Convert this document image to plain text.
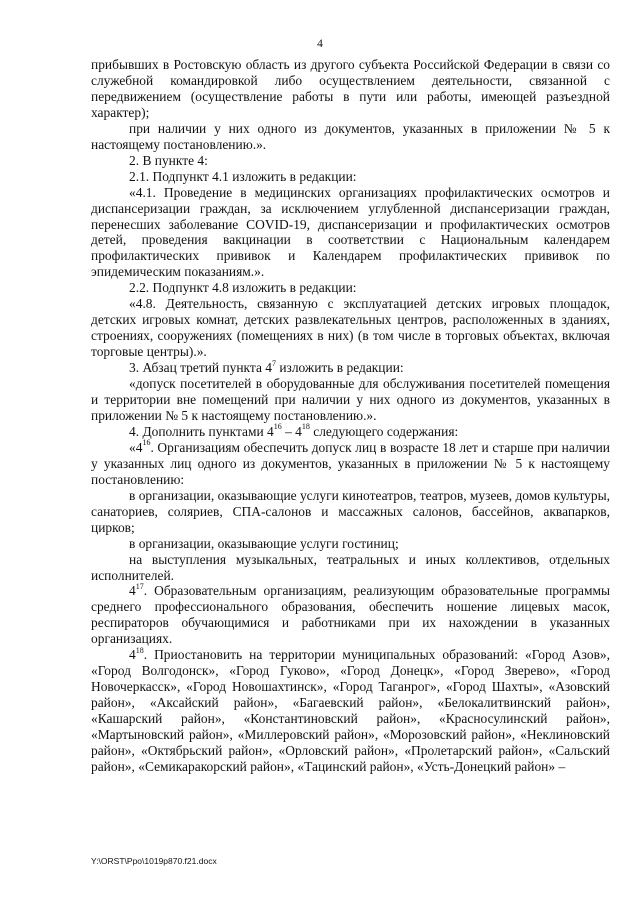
4

прибывших в Ростовскую область из другого субъекта Российской Федерации в связи со служебной командировкой либо осуществлением деятельности, связанной с передвижением (осуществление работы в пути или работы, имеющей разъездной характер);

при наличии у них одного из документов, указанных в приложении № 5 к настоящему постановлению.».

2. В пункте 4:

2.1. Подпункт 4.1 изложить в редакции:

«4.1. Проведение в медицинских организациях профилактических осмотров и диспансеризации граждан, за исключением углубленной диспансеризации граждан, перенесших заболевание COVID-19, диспансеризации и профилактических осмотров детей, проведения вакцинации в соответствии с Национальным календарем профилактических прививок и Календарем профилактических прививок по эпидемическим показаниям.».

2.2. Подпункт 4.8 изложить в редакции:

«4.8. Деятельность, связанную с эксплуатацией детских игровых площадок, детских игровых комнат, детских развлекательных центров, расположенных в зданиях, строениях, сооружениях (помещениях в них) (в том числе в торговых объектах, включая торговые центры).».

3. Абзац третий пункта $4^7$ изложить в редакции:

«допуск посетителей в оборудованные для обслуживания посетителей помещения и территории вне помещений при наличии у них одного из документов, указанных в приложении № 5 к настоящему постановлению.».

4. Дополнить пунктами $4^{16} - 4^{18}$ следующего содержания:

«$4^{16}$. Организациям обеспечить допуск лиц в возрасте 18 лет и старше при наличии у указанных лиц одного из документов, указанных в приложении № 5 к настоящему постановлению:

в организации, оказывающие услуги кинотеатров, театров, музеев, домов культуры, санаториев, соляриев, СПА-салонов и массажных салонов, бассейнов, аквапарков, цирков;

в организации, оказывающие услуги гостиниц;

на выступления музыкальных, театральных и иных коллективов, отдельных исполнителей.

$4^{17}$. Образовательным организациям, реализующим образовательные программы среднего профессионального образования, обеспечить ношение лицевых масок, респираторов обучающимися и работниками при их нахождении в указанных организациях.

$4^{18}$. Приостановить на территории муниципальных образований: «Город Азов», «Город Волгодонск», «Город Гуково», «Город Донецк», «Город Зверево», «Город Новочеркасск», «Город Новошахтинск», «Город Таганрог», «Город Шахты», «Азовский район», «Аксайский район», «Багаевский район», «Белокалитвинский район», «Кашарский район», «Константиновский район», «Красносулинский район», «Мартыновский район», «Миллеровский район», «Морозовский район», «Неклиновский район», «Октябрьский район», «Орловский район», «Пролетарский район», «Сальский район», «Семикаракорский район», «Тацинский район», «Усть-Донецкий район» –

Y:\ORST\Ppo\1019p870.f21.docx
